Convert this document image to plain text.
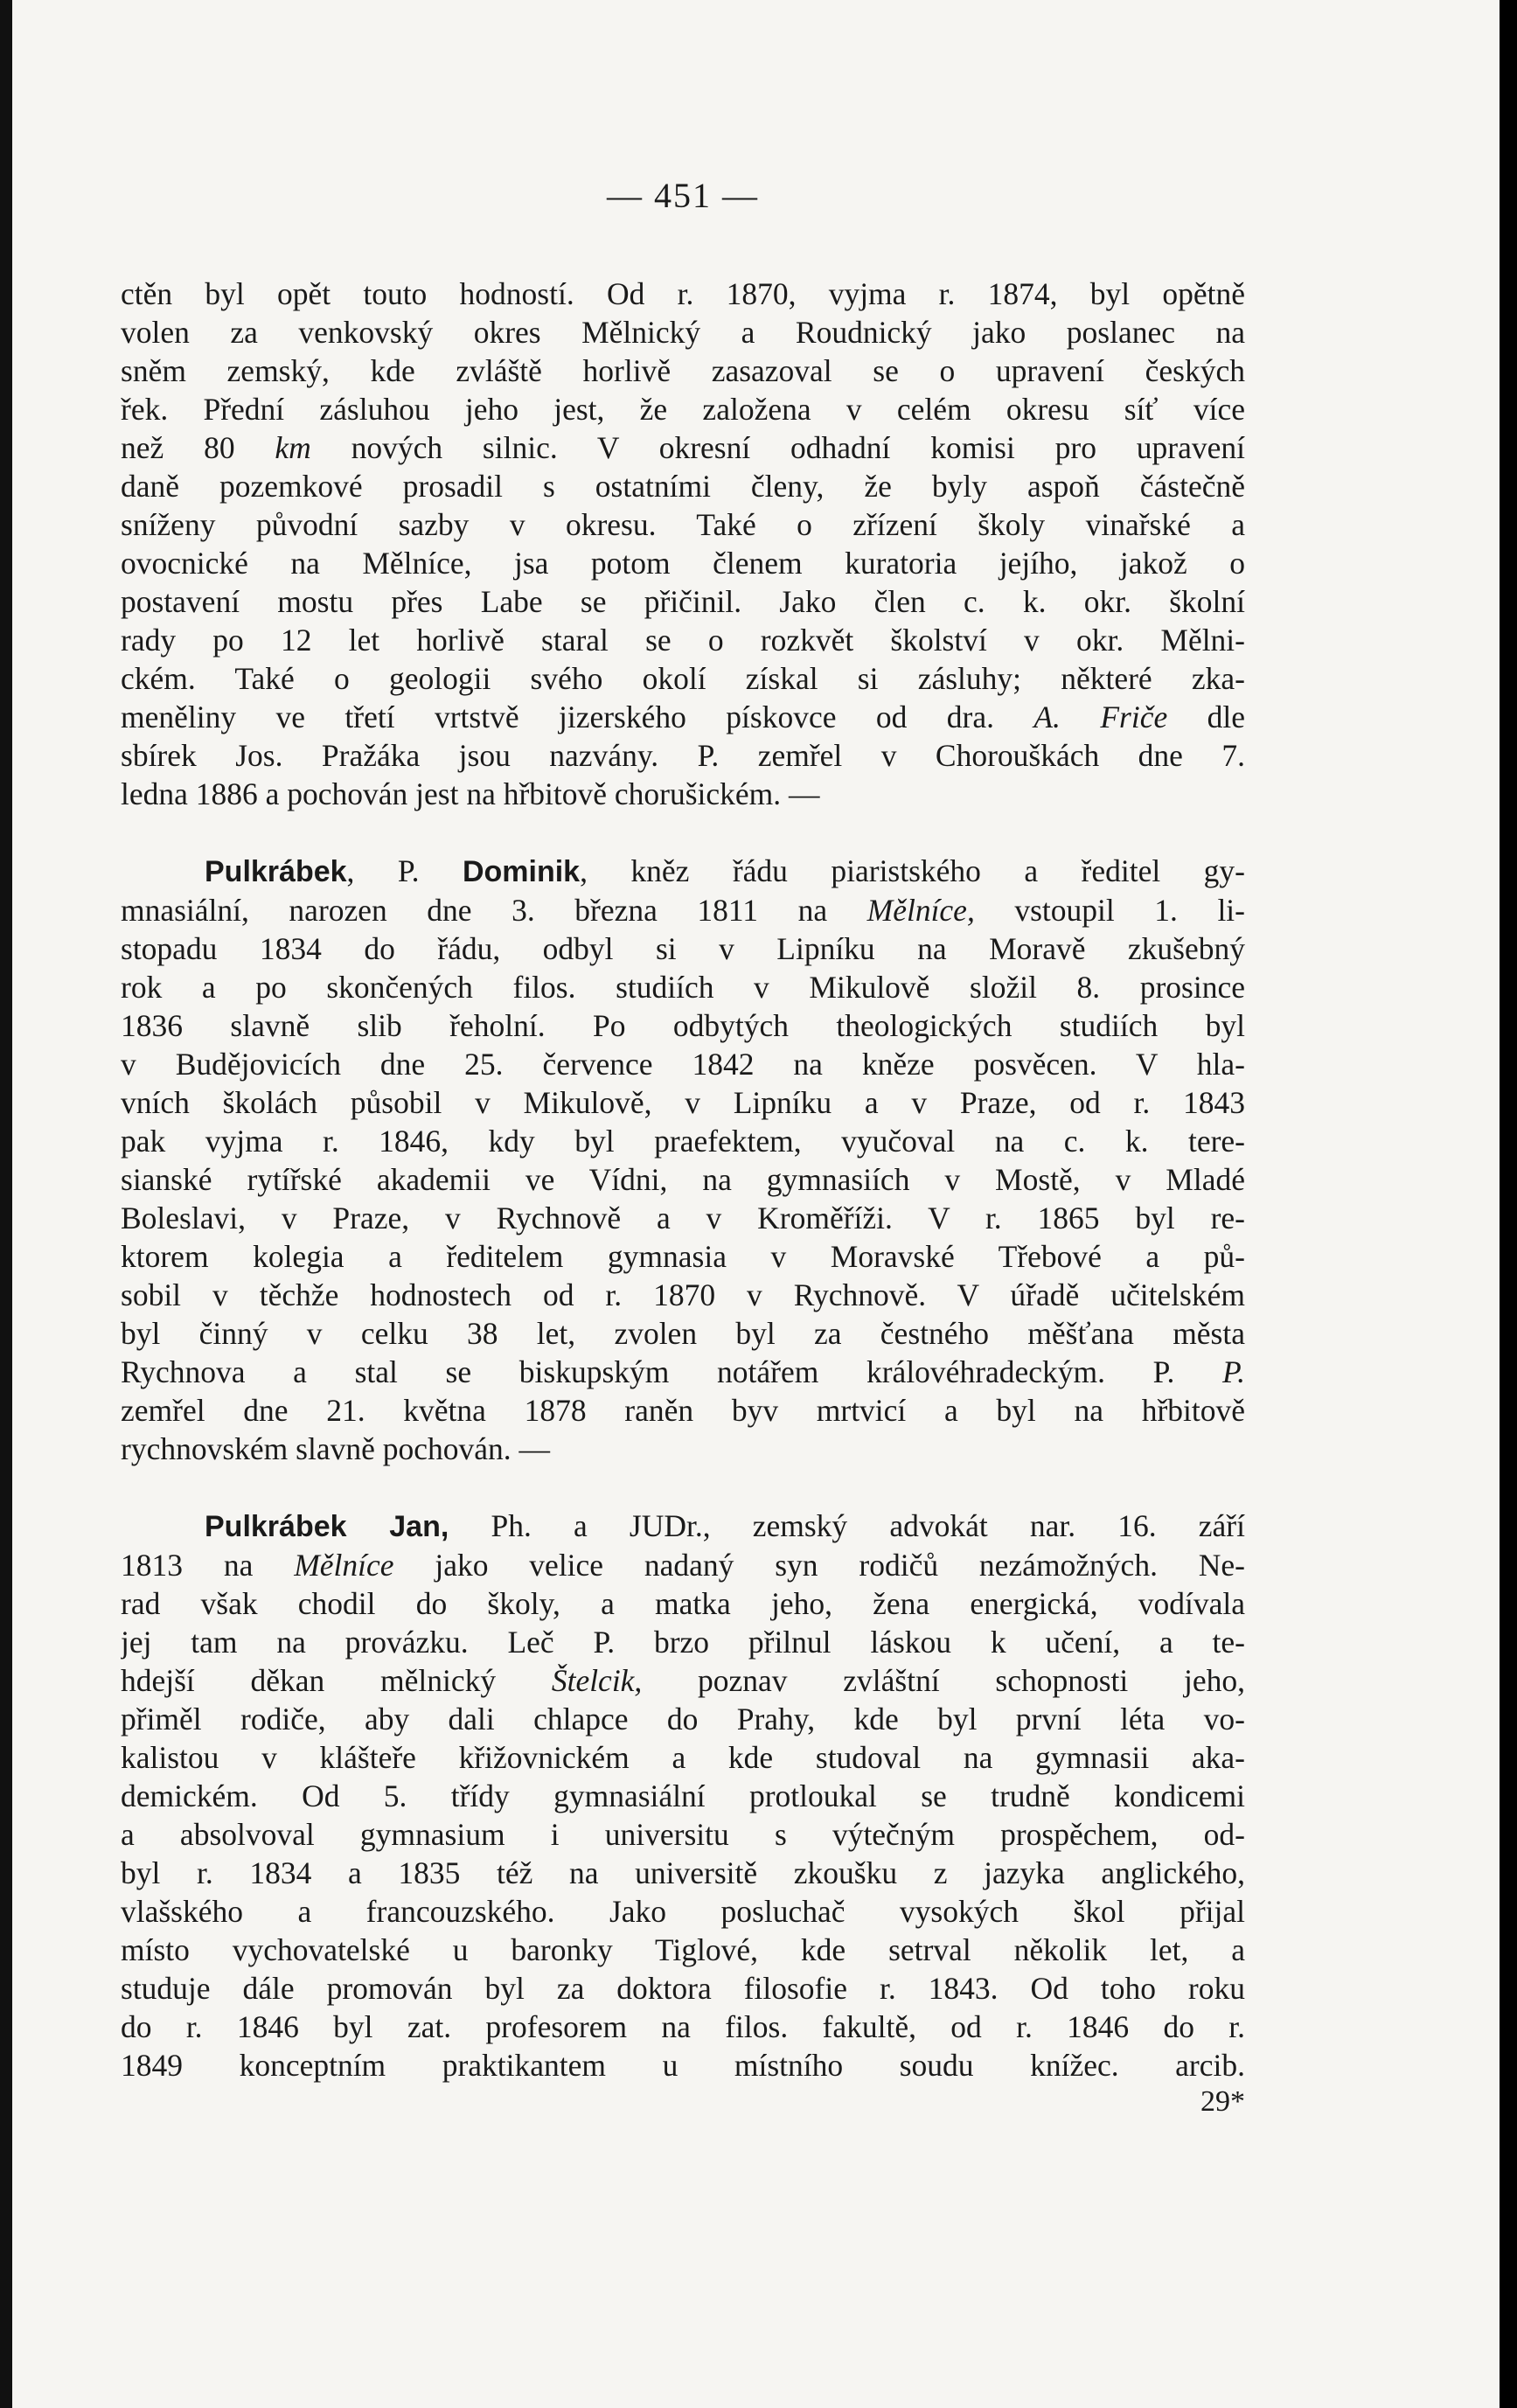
— 451 —
ctěn byl opět touto hodností. Od r. 1870, vyjma r. 1874, byl opětně
volen za venkovský okres Mělnický a Roudnický jako poslanec na
sněm zemský, kde zvláště horlivě zasazoval se o upravení českých
řek. Přední zásluhou jeho jest, že založena v celém okresu síť více
než 80 km nových silnic. V okresní odhadní komisi pro upravení
daně pozemkové prosadil s ostatními členy, že byly aspoň částečně
sníženy původní sazby v okresu. Také o zřízení školy vinařské a
ovocnické na Mělníce, jsa potom členem kuratoria jejího, jakož o
postavení mostu přes Labe se přičinil. Jako člen c. k. okr. školní
rady po 12 let horlivě staral se o rozkvět školství v okr. Mělni-
ckém. Také o geologii svého okolí získal si zásluhy; některé zka-
meněliny ve třetí vrtstvě jizerského pískovce od dra. A. Friče dle
sbírek Jos. Pražáka jsou nazvány. P. zemřel v Chorouškách dne 7.
ledna 1886 a pochován jest na hřbitově chorušickém. —
Pulkrábek, P. Dominik, kněz řádu piaristského a ředitel gy-
mnasiální, narozen dne 3. března 1811 na Mělníce, vstoupil 1. li-
stopadu 1834 do řádu, odbyl si v Lipníku na Moravě zkušebný
rok a po skončených filos. studiích v Mikulově složil 8. prosince
1836 slavně slib řeholní. Po odbytých theologických studiích byl
v Budějovicích dne 25. července 1842 na kněze posvěcen. V hla-
vních školách působil v Mikulově, v Lipníku a v Praze, od r. 1843
pak vyjma r. 1846, kdy byl praefektem, vyučoval na c. k. tere-
sianské rytířské akademii ve Vídni, na gymnasiích v Mostě, v Mladé
Boleslavi, v Praze, v Rychnově a v Kroměříži. V r. 1865 byl re-
ktorem kolegia a ředitelem gymnasia v Moravské Třebové a pů-
sobil v těchže hodnostech od r. 1870 v Rychnově. V úřadě učitelském
byl činný v celku 38 let, zvolen byl za čestného měšťana města
Rychnova a stal se biskupským notářem královéhradeckým. P. P.
zemřel dne 21. května 1878 raněn byv mrtvicí a byl na hřbitově
rychnovském slavně pochován. —
Pulkrábek Jan, Ph. a JUDr., zemský advokát nar. 16. září
1813 na Mělníce jako velice nadaný syn rodičů nezámožných. Ne-
rad však chodil do školy, a matka jeho, žena energická, vodívala
jej tam na provázku. Leč P. brzo přilnul láskou k učení, a te-
hdejší děkan mělnický Štelcik, poznav zvláštní schopnosti jeho,
přiměl rodiče, aby dali chlapce do Prahy, kde byl první léta vo-
kalistou v klášteře křižovnickém a kde studoval na gymnasii aka-
demickém. Od 5. třídy gymnasiální protloukal se trudně kondicemi
a absolvoval gymnasium i universitu s výtečným prospěchem, od-
byl r. 1834 a 1835 též na universitě zkoušku z jazyka anglického,
vlašského a francouzského. Jako posluchač vysokých škol přijal
místo vychovatelské u baronky Tiglové, kde setrval několik let, a
studuje dále promován byl za doktora filosofie r. 1843. Od toho roku
do r. 1846 byl zat. profesorem na filos. fakultě, od r. 1846 do r.
1849 konceptním praktikantem u místního soudu knížec. arcib.
29*
